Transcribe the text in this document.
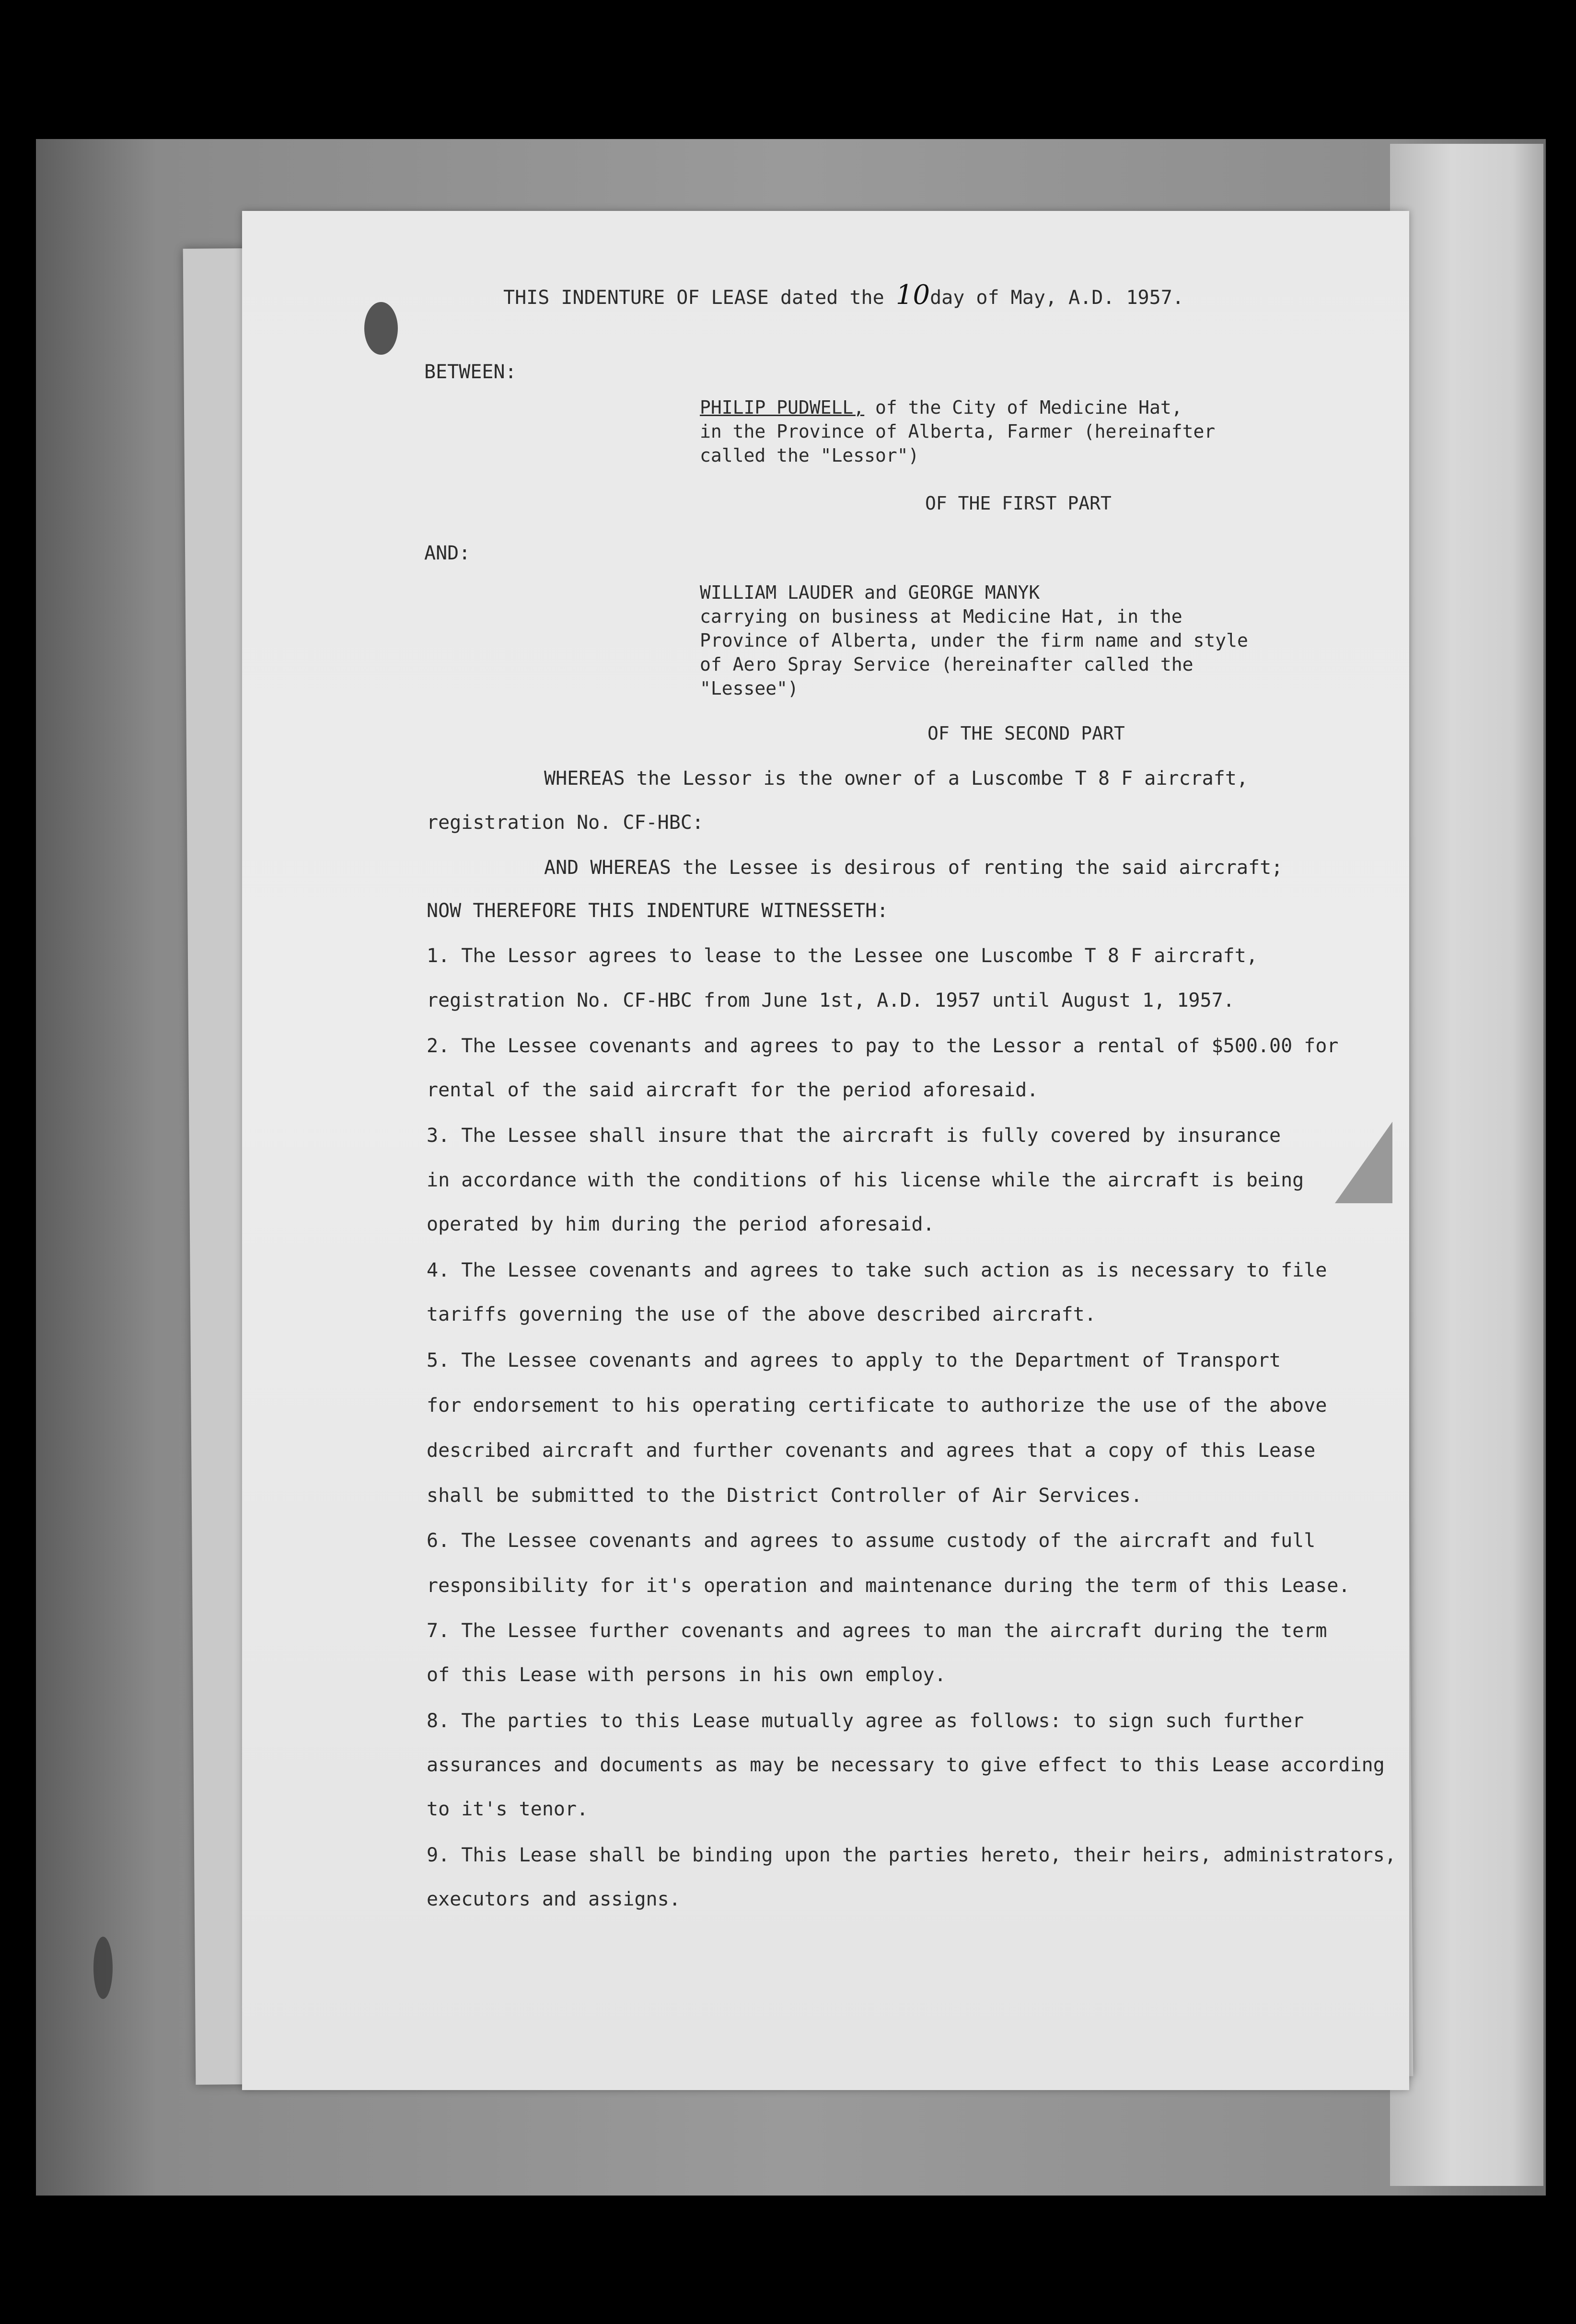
THIS INDENTURE OF LEASE dated the 10day of May, A.D. 1957.

BETWEEN:

PHILIP PUDWELL, of the City of Medicine Hat,

in the Province of Alberta, Farmer (hereinafter

called the "Lessor")

OF THE FIRST PART

AND:

WILLIAM LAUDER and GEORGE MANYK

carrying on business at Medicine Hat, in the

Province of Alberta, under the firm name and style

of Aero Spray Service (hereinafter called the

"Lessee")

OF THE SECOND PART

WHEREAS the Lessor is the owner of a Luscombe T 8 F aircraft,

registration No. CF-HBC:

AND WHEREAS the Lessee is desirous of renting the said aircraft;

NOW THEREFORE THIS INDENTURE WITNESSETH:

1. The Lessor agrees to lease to the Lessee one Luscombe T 8 F aircraft,

registration No. CF-HBC from June 1st, A.D. 1957 until August 1, 1957.

2. The Lessee covenants and agrees to pay to the Lessor a rental of $500.00 for

rental of the said aircraft for the period aforesaid.

3. The Lessee shall insure that the aircraft is fully covered by insurance

in accordance with the conditions of his license while the aircraft is being

operated by him during the period aforesaid.

4. The Lessee covenants and agrees to take such action as is necessary to file

tariffs governing the use of the above described aircraft.

5. The Lessee covenants and agrees to apply to the Department of Transport

for endorsement to his operating certificate to authorize the use of the above

described aircraft and further covenants and agrees that a copy of this Lease

shall be submitted to the District Controller of Air Services.

6. The Lessee covenants and agrees to assume custody of the aircraft and full

responsibility for it's operation and maintenance during the term of this Lease.

7. The Lessee further covenants and agrees to man the aircraft during the term

of this Lease with persons in his own employ.

8. The parties to this Lease mutually agree as follows: to sign such further

assurances and documents as may be necessary to give effect to this Lease according

to it's tenor.

9. This Lease shall be binding upon the parties hereto, their heirs, administrators,

executors and assigns.
